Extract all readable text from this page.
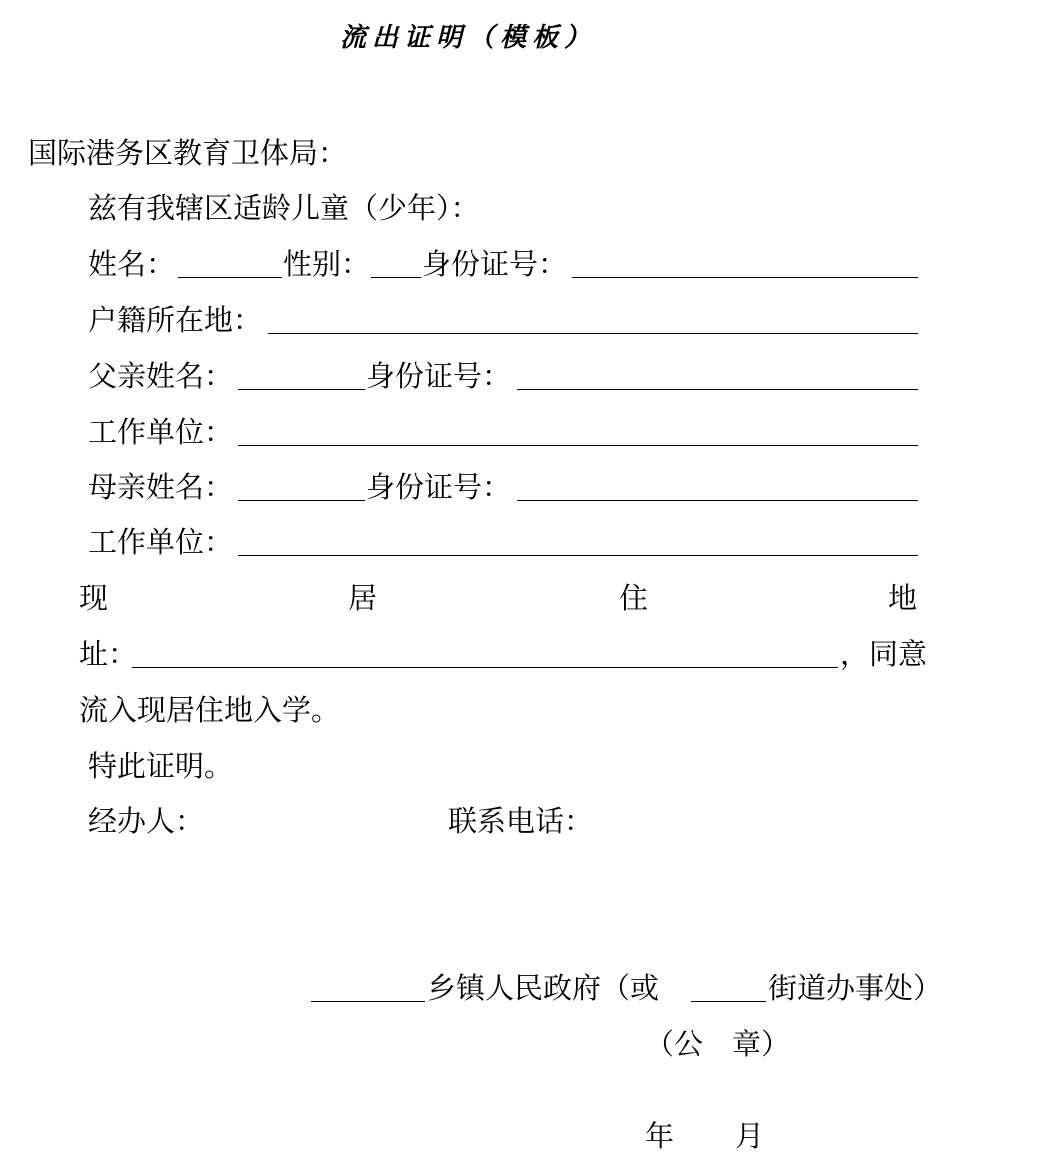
流出证明（模板）
国际港务区教育卫体局：
兹有我辖区适龄儿童（少年）：
姓名：	性别： 身份证号：
户籍所在地：
父亲姓名：	身份证号：
工作单位：
母亲姓名：	身份证号：
工作单位：
现	居	住	地
址：	，同意
流入现居住地入学。
特此证明。
经办人：	联系电话：
乡镇人民政府（或	街道办事处）
（公　章）
年 月
